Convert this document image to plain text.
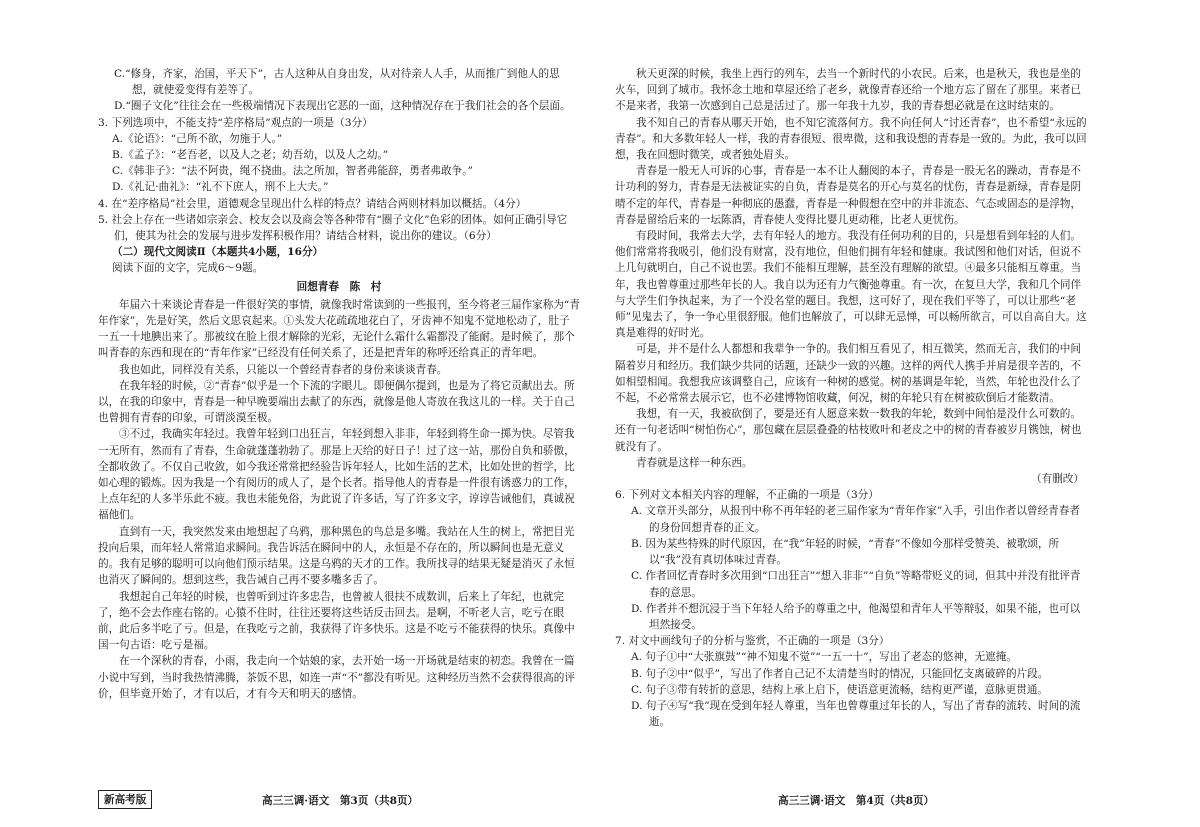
C.“修身，齐家，治国，平天下”，古人这种从自身出发，从对待亲人人手，从而推广到他人的思想，就使爱变得有差等了。

D.“圈子文化”往往会在一些极端情况下表现出它恶的一面，这种情况存在于我们社会的各个层面。

3. 下列选项中，不能支持“差序格局”观点的一项是（3分）

A.《论语》：“己所不欲，勿施于人。”

B.《孟子》：“老吾老，以及人之老；幼吾幼，以及人之幼。”

C.《韩非子》：“法不阿贵，绳不挠曲。法之所加，智者弗能辞，勇者弗敢争。”

D.《礼记·曲礼》：“礼不下庶人，刑不上大夫。”

4. 在“差序格局”社会里，道德观念呈现出什么样的特点？请结合两则材料加以概括。（4分）

5. 社会上存在一些诸如宗亲会、校友会以及商会等各种带有“圈子文化”色彩的团体。如何正确引导它们，使其为社会的发展与进步发挥积极作用？请结合材料，说出你的建议。（6分）

（二）现代文阅读Ⅱ（本题共4小题，16分）

阅读下面的文字，完成6～9题。

回想青春　陈　村

年届六十来谈论青春是一件很好笑的事情，就像我时常读到的一些报刊，至今将老三届作家称为“青年作家”，先是好笑，然后文思哀起来。①头发大花疏疏地花白了，牙齿神不知鬼不觉地松动了，肚子一五一十地腆出来了。那被纹在脸上很才解除的光彩，无论什么霜什么霜都没了能耐。是时候了，那个叫青春的东西和现在的“青年作家”已经没有任何关系了，还是把青年的称呼还给真正的青年吧。

我也如此，同样没有关系，只能以一个曾经青春者的身份来谈谈青春。

在我年轻的时候，②“青春”似乎是一个下流的字眼儿。即便偶尔提到，也是为了将它贡献出去。所以，在我的印象中，青春是一种早晚要端出去献了的东西，就像是他人寄放在我这儿的一样。关于自己也曾拥有青春的印象，可谓淡漠至极。

③不过，我确实年轻过。我曾年轻到口出狂言，年轻到想入非非，年轻到将生命一掷为快。尽管我一无所有，然而有了青春，生命就蓬蓬勃勃了。那是上天给的好日子！过了这一站，那份自负和骄傲，全都收敛了。不仅自己收敛，如今我还常常把经验告诉年轻人，比如生活的艺术，比如处世的哲学，比如心理的锻炼。因为我是一个有阅历的成人了，是个长者。指导他人的青春是一件很有诱惑力的工作，上点年纪的人多半乐此不疲。我也未能免俗，为此说了许多话，写了许多文字，谆谆告诫他们，真诚祝福他们。

直到有一天，我突然发来由地想起了乌鸦，那种黑色的鸟总是多嘴。我站在人生的树上，常把目光投向后果，而年轻人常常追求瞬间。我告诉活在瞬间中的人，永恒是不存在的，所以瞬间也是无意义的。我有足够的聪明可以向他们预示结果。这是乌鸦的天才的工作。我所找寻的结果无疑是消灭了永恒也消灭了瞬间的。想到这些，我告诫自己再不要多嘴多舌了。

我想起自己年轻的时候，也曾听到过许多忠告，也曾被人很扶不成数训，后来上了年纪，也就完了，绝不会去作座右铭的。心猿不住时，往往还要将这些话反击回去。是啊，不听老人言，吃亏在眼前，此后多半吃了亏。但是，在我吃亏之前，我获得了许多快乐。这是不吃亏不能获得的快乐。真像中国一句古语：吃亏是福。

在一个深秋的青春，小雨，我走向一个姑娘的家，去开始一场一开场就是结束的初恋。我曾在一篇小说中写到，当时我热情沸腾，茶饭不思，如连一声“不”都没有听见。这种经历当然不会获得很高的评价，但毕竟开始了，才有以后，才有今天和明天的感情。

秋天更深的时候，我坐上西行的列车，去当一个新时代的小农民。后来，也是秋天，我也是坐的火车，回到了城市。我怀念土地和草屋还给了老乡，就像青春还给一个地方忘了留在了那里。来者已不是来者，我第一次感到自己总是活过了。那一年我十九岁，我的青春想必就是在这时结束的。

我不知自己的青春从哪天开始，也不知它流落何方。我不向任何人“讨还青春”，也不希望“永远的青春”。和大多数年轻人一样，我的青春很短、很卑微，这和我设想的青春是一致的。为此，我可以回想，我在回想时微笑，或者独处眉头。

青春是一般无人可诉的心事，青春是一本不让人翻阅的本子，青春是一股无名的躁动，青春是不计功利的努力，青春是无法被证实的自负，青春是莫名的开心与莫名的忧伤，青春是新绿，青春是阴晴不定的年代，青春是一种彻底的愚蠢，青春是一种假想在空中的并非流态、气态或固态的是浮物，青春是留给后来的一坛陈酒，青春使人变得比婴儿更动稚，比老人更忧伤。

有段时间，我常去大学，去有年轻人的地方。我没有任何功利的目的，只是想看到年轻的人们。他们常常将我吸引，他们没有财富，没有地位，但他们拥有年轻和健康。我试图和他们对话，但说不上几句就明白，自己不说也罢。我们不能相互理解，甚至没有理解的欲望。④最多只能相互尊重。当年，我也曾尊重过那些年长的人。我自以为还有力气衡弛尊重。有一次，在复旦大学，我和几个同伴与大学生们争执起来，为了一个没名堂的题目。我想，这可好了，现在我们平等了，可以让那些“老师”见鬼去了，争一争心里很舒服。他们也解放了，可以肆无忌惮，可以畅所欲言，可以自高自大。这真是难得的好时光。

可是，并不是什么人都想和我辈争一争的。我们相互看见了，相互微笑，然而无言，我们的中间隔着岁月和经历。我们缺少共同的话题，还缺少一致的兴趣。这样的两代人携手并肩是很辛苦的，不如相望相闻。我想我应该调整自己，应该有一种树的感觉。树的基调是年轮，当然，年轮也没什么了不起，不必常常去展示它，也不必建博物馆收藏，何况，树的年轮只有在树被砍倒后才能数清。

我想，有一天，我被砍倒了，要是还有人愿意来数一数我的年轮，数到中间怕是没什么可数的。还有一句老话叫“树怕伤心”，那包藏在层层叠叠的枯枝败叶和老皮之中的树的青春被岁月镌蚀，树也就没有了。

青春就是这样一种东西。

（有删改）

6. 下列对文本相关内容的理解，不正确的一项是（3分）

A. 文章开头部分，从报刊中称不再年轻的老三届作家为“青年作家”入手，引出作者以曾经青春者的身份回想青春的正文。

B. 因为某些特殊的时代原因，在“我”年轻的时候，“青春”不像如今那样受赞美、被歌颂，所以“我”没有真切体味过青春。

C. 作者回忆青春时多次用到“口出狂言”“想入非非”“自负”等略带贬义的词，但其中并没有批评青春的意思。

D. 作者并不想沉浸于当下年轻人给予的尊重之中，他渴望和青年人平等辩驳，如果不能，也可以坦然接受。

7. 对文中画线句子的分析与鉴赏，不正确的一项是（3分）

A. 句子①中“大张旗鼓”“神不知鬼不觉”“一五一十”，写出了老态的悠神，无遮掩。

B. 句子②中“似乎”，写出了作者自己记不太清楚当时的情况，只能回忆支离破碎的片段。

C. 句子③带有转折的意思，结构上承上启下，使语意更流畅，结构更严谨，意脉更贯通。

D. 句子④写“我”现在受到年轻人尊重，当年也曾尊重过年长的人，写出了青春的流转、时间的流逝。

新高考版	高三三调·语文　第3页（共8页）	高三三调·语文　第4页（共8页）
